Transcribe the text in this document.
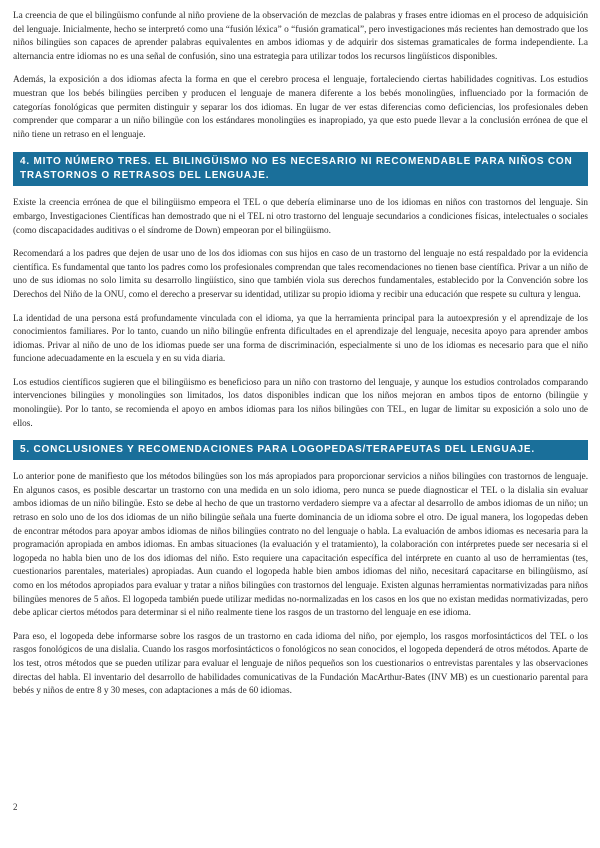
La creencia de que el bilingüismo confunde al niño proviene de la observación de mezclas de palabras y frases entre idiomas en el proceso de adquisición del lenguaje. Inicialmente, hecho se interpretó como una “fusión léxica” o “fusión gramatical”, pero investigaciones más recientes han demostrado que los niños bilingües son capaces de aprender palabras equivalentes en ambos idiomas y de adquirir dos sistemas gramaticales de forma independiente. La alternancia entre idiomas no es una señal de confusión, sino una estrategia para utilizar todos los recursos lingüísticos disponibles.

Además, la exposición a dos idiomas afecta la forma en que el cerebro procesa el lenguaje, fortaleciendo ciertas habilidades cognitivas. Los estudios muestran que los bebés bilingües perciben y producen el lenguaje de manera diferente a los bebés monolingües, influenciado por la formación de categorías fonológicas que permiten distinguir y separar los dos idiomas. En lugar de ver estas diferencias como deficiencias, los profesionales deben comprender que comparar a un niño bilingüe con los estándares monolingües es inapropiado, ya que esto puede llevar a la conclusión errónea de que el niño tiene un retraso en el lenguaje.

4. MITO NÚMERO TRES. EL BILINGÜISMO NO ES NECESARIO NI RECOMENDABLE PARA NIÑOS CON TRASTORNOS O RETRASOS DEL LENGUAJE.

Existe la creencia errónea de que el bilingüismo empeora el TEL o que debería eliminarse uno de los idiomas en niños con trastornos del lenguaje. Sin embargo, Investigaciones Científicas han demostrado que ni el TEL ni otro trastorno del lenguaje secundarios a condiciones físicas, intelectuales o sociales (como discapacidades auditivas o el síndrome de Down) empeoran por el bilingüismo.

Recomendará a los padres que dejen de usar uno de los dos idiomas con sus hijos en caso de un trastorno del lenguaje no está respaldado por la evidencia científica. Es fundamental que tanto los padres como los profesionales comprendan que tales recomendaciones no tienen base científica. Privar a un niño de uno de sus idiomas no solo limita su desarrollo lingüístico, sino que también viola sus derechos fundamentales, establecido por la Convención sobre los Derechos del Niño de la ONU, como el derecho a preservar su identidad, utilizar su propio idioma y recibir una educación que respete su cultura y lengua.

La identidad de una persona está profundamente vinculada con el idioma, ya que la herramienta principal para la autoexpresión y el aprendizaje de los conocimientos familiares. Por lo tanto, cuando un niño bilingüe enfrenta dificultades en el aprendizaje del lenguaje, necesita apoyo para aprender ambos idiomas. Privar al niño de uno de los idiomas puede ser una forma de discriminación, especialmente si uno de los idiomas es necesario para que el niño funcione adecuadamente en la escuela y en su vida diaria.

Los estudios científicos sugieren que el bilingüismo es beneficioso para un niño con trastorno del lenguaje, y aunque los estudios controlados comparando intervenciones bilingües y monolingües son limitados, los datos disponibles indican que los niños mejoran en ambos tipos de entorno (bilingüe y monolingüe). Por lo tanto, se recomienda el apoyo en ambos idiomas para los niños bilingües con TEL, en lugar de limitar su exposición a solo uno de ellos.

5. CONCLUSIONES Y RECOMENDACIONES PARA LOGOPEDAS/TERAPEUTAS DEL LENGUAJE.

Lo anterior pone de manifiesto que los métodos bilingües son los más apropiados para proporcionar servicios a niños bilingües con trastornos de lenguaje. En algunos casos, es posible descartar un trastorno con una medida en un solo idioma, pero nunca se puede diagnosticar el TEL o la dislalia sin evaluar ambos idiomas de un niño bilingüe. Esto se debe al hecho de que un trastorno verdadero siempre va a afectar al desarrollo de ambos idiomas de un niño; un retraso en solo uno de los dos idiomas de un niño bilingüe señala una fuerte dominancia de un idioma sobre el otro. De igual manera, los logopedas deben de encontrar métodos para apoyar ambos idiomas de niños bilingües contrato no del lenguaje o habla. La evaluación de ambos idiomas es necesaria para la programación apropiada en ambos idiomas. En ambas situaciones (la evaluación y el tratamiento), la colaboración con intérpretes puede ser necesaria si el logopeda no habla bien uno de los dos idiomas del niño. Esto requiere una capacitación específica del intérprete en cuanto al uso de herramientas (tes, cuestionarios parentales, materiales) apropiadas. Aun cuando el logopeda hable bien ambos idiomas del niño, necesitará capacitarse en bilingüismo, así como en los métodos apropiados para evaluar y tratar a niños bilingües con trastornos del lenguaje. Existen algunas herramientas normativizadas para niños bilingües menores de 5 años. El logopeda también puede utilizar medidas no-normalizadas en los casos en los que no existan medidas normativizadas, pero debe aplicar ciertos métodos para determinar si el niño realmente tiene los rasgos de un trastorno del lenguaje en ese idioma.

Para eso, el logopeda debe informarse sobre los rasgos de un trastorno en cada idioma del niño, por ejemplo, los rasgos morfosintácticos del TEL o los rasgos fonológicos de una dislalia. Cuando los rasgos morfosintácticos o fonológicos no sean conocidos, el logopeda dependerá de otros métodos. Aparte de los test, otros métodos que se pueden utilizar para evaluar el lenguaje de niños pequeños son los cuestionarios o entrevistas parentales y las observaciones directas del habla. El inventario del desarrollo de habilidades comunicativas de la Fundación MacArthur-Bates (INV MB) es un cuestionario parental para bebés y niños de entre 8 y 30 meses, con adaptaciones a más de 60 idiomas.

2
